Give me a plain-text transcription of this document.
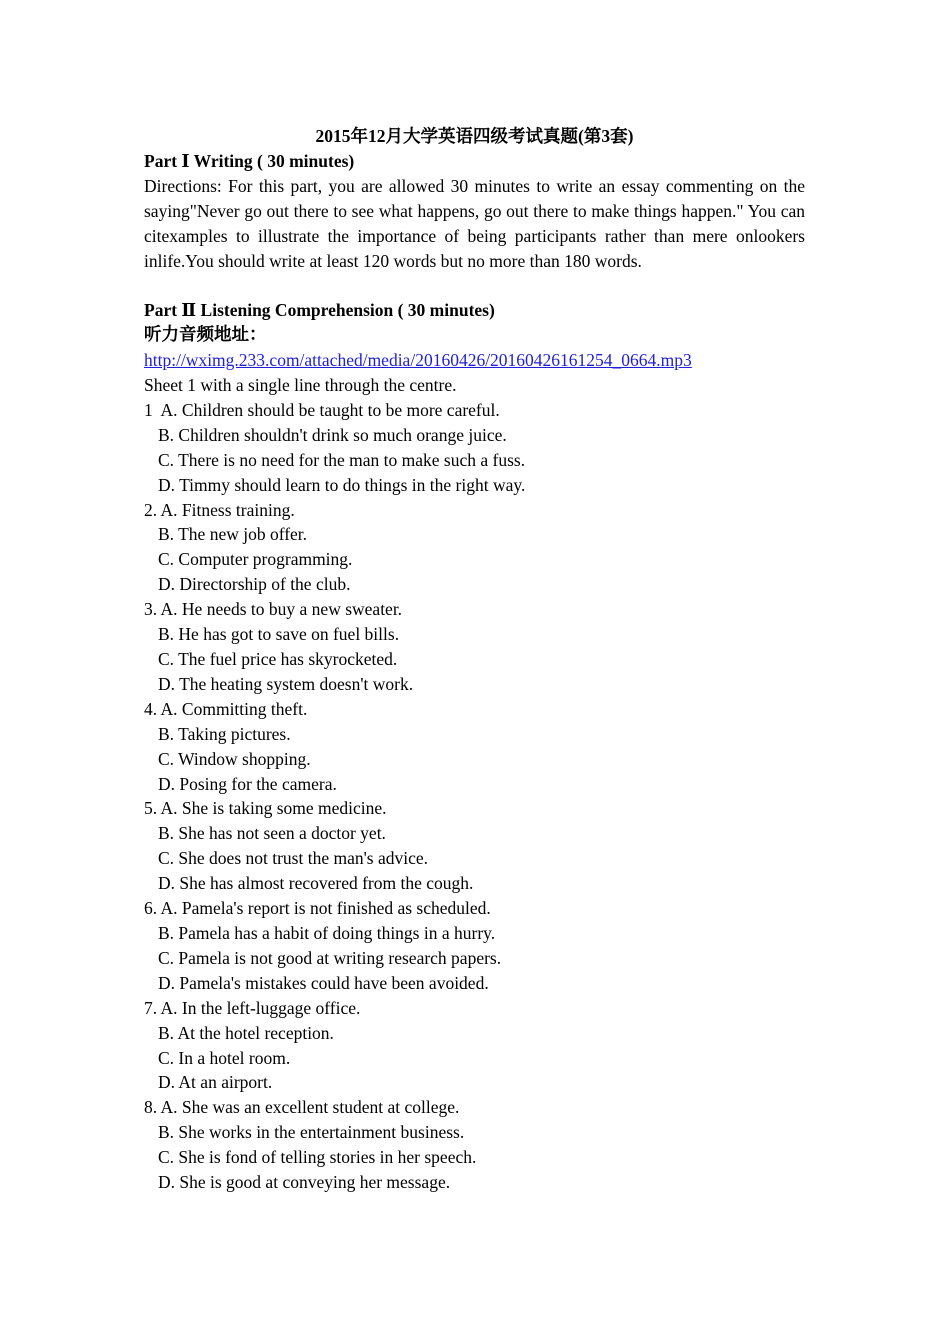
2015年12月大学英语四级考试真题(第3套)

Part Ⅰ Writing ( 30 minutes)

Directions: For this part, you are allowed 30 minutes to write an essay commenting on the saying"Never go out there to see what happens, go out there to make things happen." You can citexamples to illustrate the importance of being participants rather than mere onlookers inlife.You should write at least 120 words but no more than 180 words.

Part Ⅱ Listening Comprehension ( 30 minutes)

听力音频地址：

http://wximg.233.com/attached/media/20160426/20160426161254_0664.mp3

Sheet 1 with a single line through the centre.

1  A. Children should be taught to be more careful.

B. Children shouldn't drink so much orange juice.

C. There is no need for the man to make such a fuss.

D. Timmy should learn to do things in the right way.

2. A. Fitness training.

B. The new job offer.

C. Computer programming.

D. Directorship of the club.

3. A. He needs to buy a new sweater.

B. He has got to save on fuel bills.

C. The fuel price has skyrocketed.

D. The heating system doesn't work.

4. A. Committing theft.

B. Taking pictures.

C. Window shopping.

D. Posing for the camera.

5. A. She is taking some medicine.

B. She has not seen a doctor yet.

C. She does not trust the man's advice.

D. She has almost recovered from the cough.

6. A. Pamela's report is not finished as scheduled.

B. Pamela has a habit of doing things in a hurry.

C. Pamela is not good at writing research papers.

D. Pamela's mistakes could have been avoided.

7. A. In the left-luggage office.

B. At the hotel reception.

C. In a hotel room.

D. At an airport.

8. A. She was an excellent student at college.

B. She works in the entertainment business.

C. She is fond of telling stories in her speech.

D. She is good at conveying her message.
